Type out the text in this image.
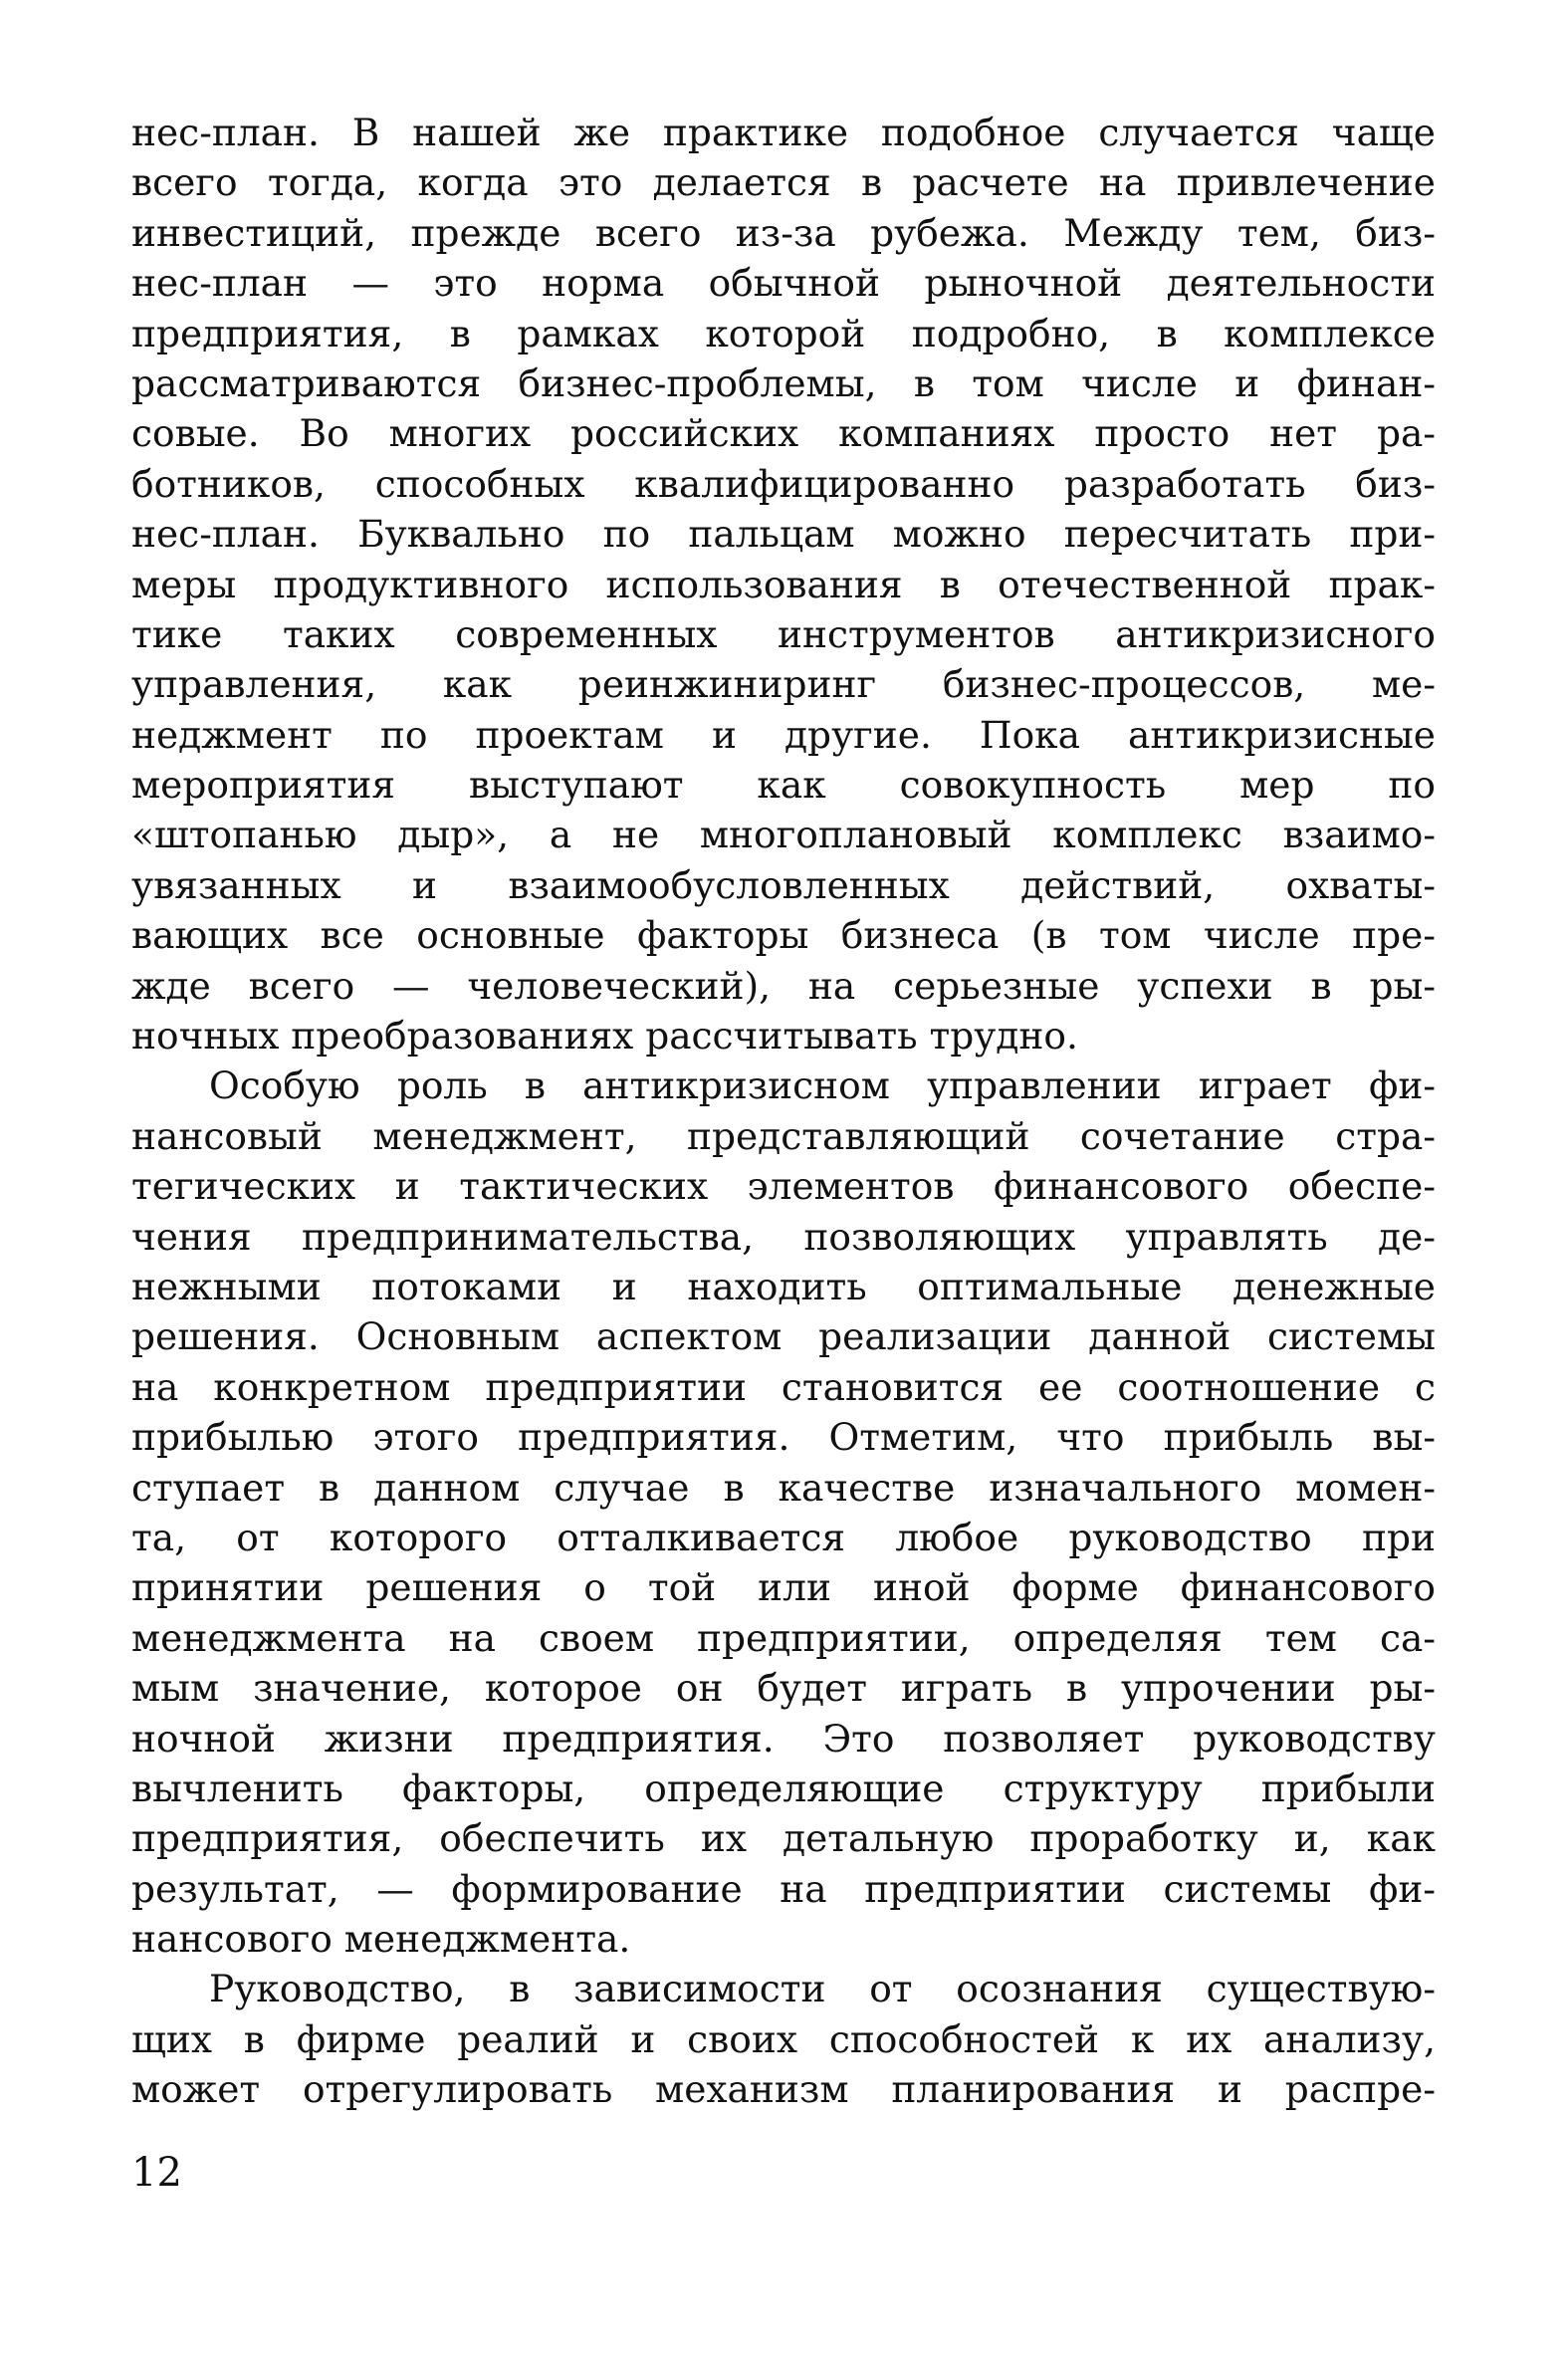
нес-план. В нашей же практике подобное случается чаще
всего тогда, когда это делается в расчете на привлечение
инвестиций, прежде всего из-за рубежа. Между тем, биз-
нес-план — это норма обычной рыночной деятельности
предприятия, в рамках которой подробно, в комплексе
рассматриваются бизнес-проблемы, в том числе и финан-
совые. Во многих российских компаниях просто нет ра-
ботников, способных квалифицированно разработать биз-
нес-план. Буквально по пальцам можно пересчитать при-
меры продуктивного использования в отечественной прак-
тике таких современных инструментов антикризисного
управления, как реинжиниринг бизнес-процессов, ме-
неджмент по проектам и другие. Пока антикризисные
мероприятия выступают как совокупность мер по
«штопанью дыр», а не многоплановый комплекс взаимо-
увязанных и взаимообусловленных действий, охваты-
вающих все основные факторы бизнеса (в том числе пре-
жде всего — человеческий), на серьезные успехи в ры-
ночных преобразованиях рассчитывать трудно.
Особую роль в антикризисном управлении играет фи-
нансовый менеджмент, представляющий сочетание стра-
тегических и тактических элементов финансового обеспе-
чения предпринимательства, позволяющих управлять де-
нежными потоками и находить оптимальные денежные
решения. Основным аспектом реализации данной системы
на конкретном предприятии становится ее соотношение с
прибылью этого предприятия. Отметим, что прибыль вы-
ступает в данном случае в качестве изначального момен-
та, от которого отталкивается любое руководство при
принятии решения о той или иной форме финансового
менеджмента на своем предприятии, определяя тем са-
мым значение, которое он будет играть в упрочении ры-
ночной жизни предприятия. Это позволяет руководству
вычленить факторы, определяющие структуру прибыли
предприятия, обеспечить их детальную проработку и, как
результат, — формирование на предприятии системы фи-
нансового менеджмента.
Руководство, в зависимости от осознания существую-
щих в фирме реалий и своих способностей к их анализу,
может отрегулировать механизм планирования и распре-
12
